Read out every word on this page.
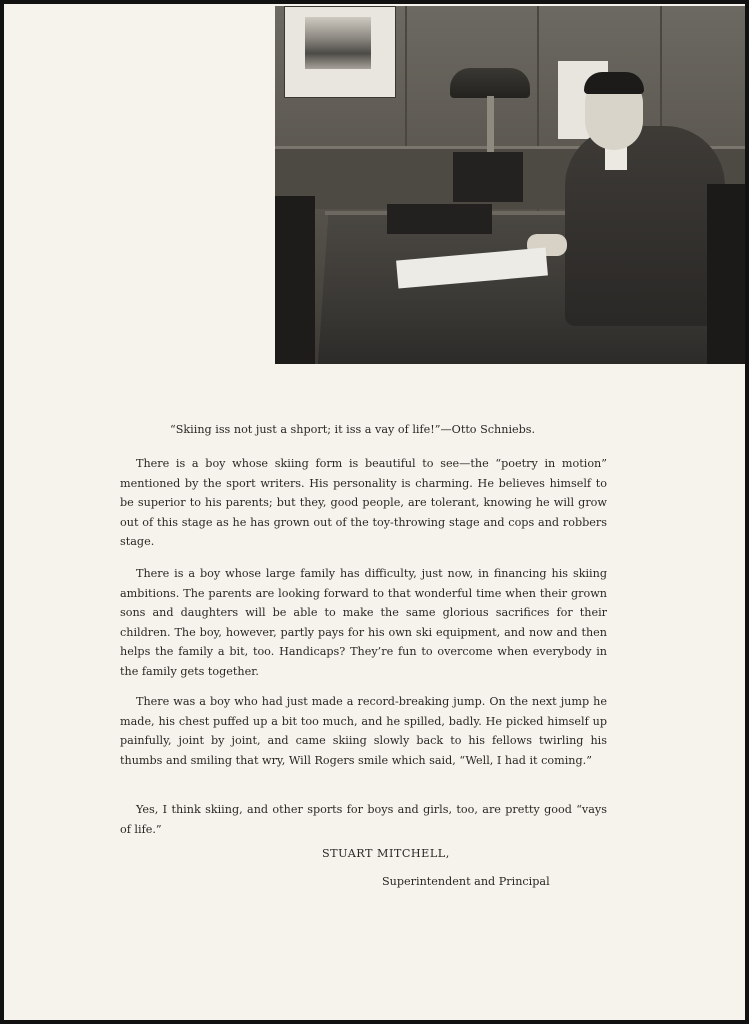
“Skiing iss not just a shport; it iss a vay of life!”—Otto Schniebs.

There is a boy whose skiing form is beautiful to see—the “poetry in motion” mentioned by the sport writers. His personality is charming. He believes himself to be superior to his parents; but they, good people, are tolerant, knowing he will grow out of this stage as he has grown out of the toy-throwing stage and cops and robbers stage.

There is a boy whose large family has difficulty, just now, in financing his skiing ambitions. The parents are looking forward to that wonderful time when their grown sons and daughters will be able to make the same glorious sacrifices for their children. The boy, however, partly pays for his own ski equipment, and now and then helps the family a bit, too. Handicaps? They’re fun to overcome when everybody in the family gets together.

There was a boy who had just made a record-breaking jump. On the next jump he made, his chest puffed up a bit too much, and he spilled, badly. He picked himself up painfully, joint by joint, and came skiing slowly back to his fellows twirling his thumbs and smiling that wry, Will Rogers smile which said, “Well, I had it coming.”

Yes, I think skiing, and other sports for boys and girls, too, are pretty good “vays of life.”

STUART MITCHELL,

Superintendent and Principal
